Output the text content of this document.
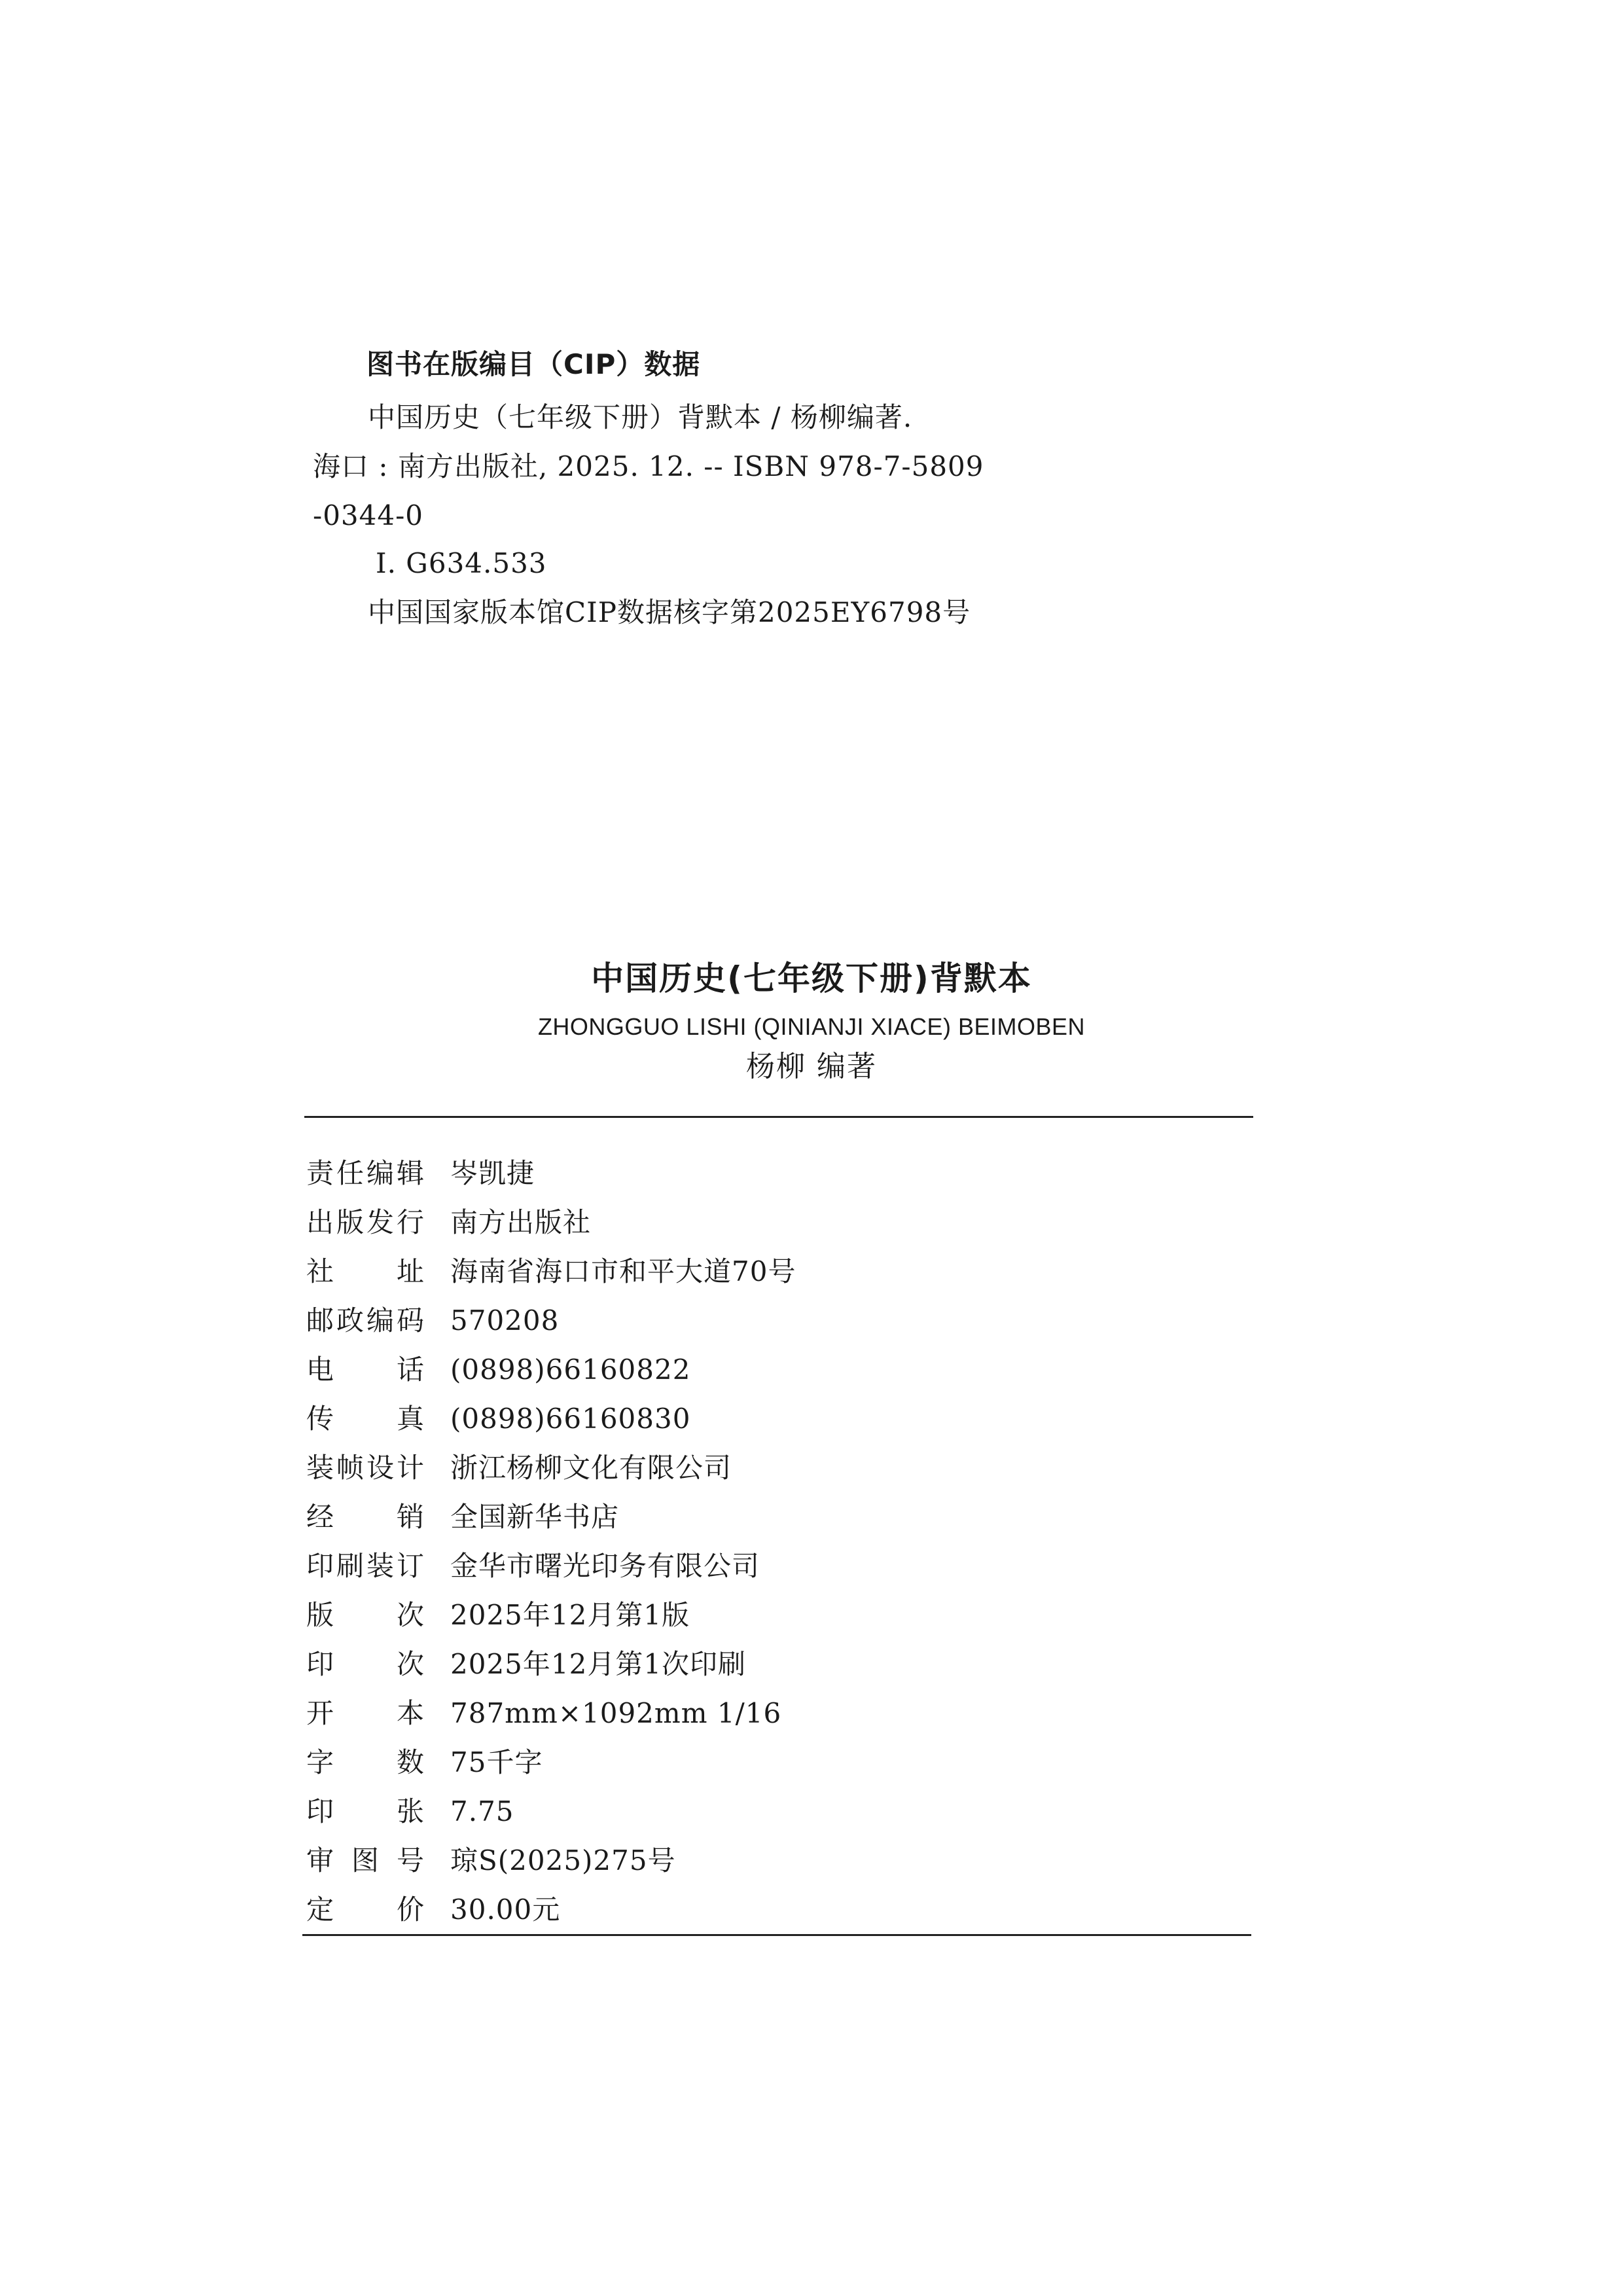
图书在版编目（CIP）数据
中国历史（七年级下册）背默本 / 杨柳编著.
海口 : 南方出版社, 2025. 12. -- ISBN 978-7-5809
-0344-0
Ⅰ. G634.533
中国国家版本馆CIP数据核字第2025EY6798号
中国历史(七年级下册)背默本
ZHONGGUO LISHI (QINIANJI XIACE) BEIMOBEN
杨柳 编著
责任编辑 岑凯捷
出版发行 南方出版社
社址 海南省海口市和平大道70号
邮政编码 570208
电话 (0898)66160822
传真 (0898)66160830
装帧设计 浙江杨柳文化有限公司
经销 全国新华书店
印刷装订 金华市曙光印务有限公司
版次 2025年12月第1版
印次 2025年12月第1次印刷
开本 787mm×1092mm 1/16
字数 75千字
印张 7.75
审图号 琼S(2025)275号
定价 30.00元
